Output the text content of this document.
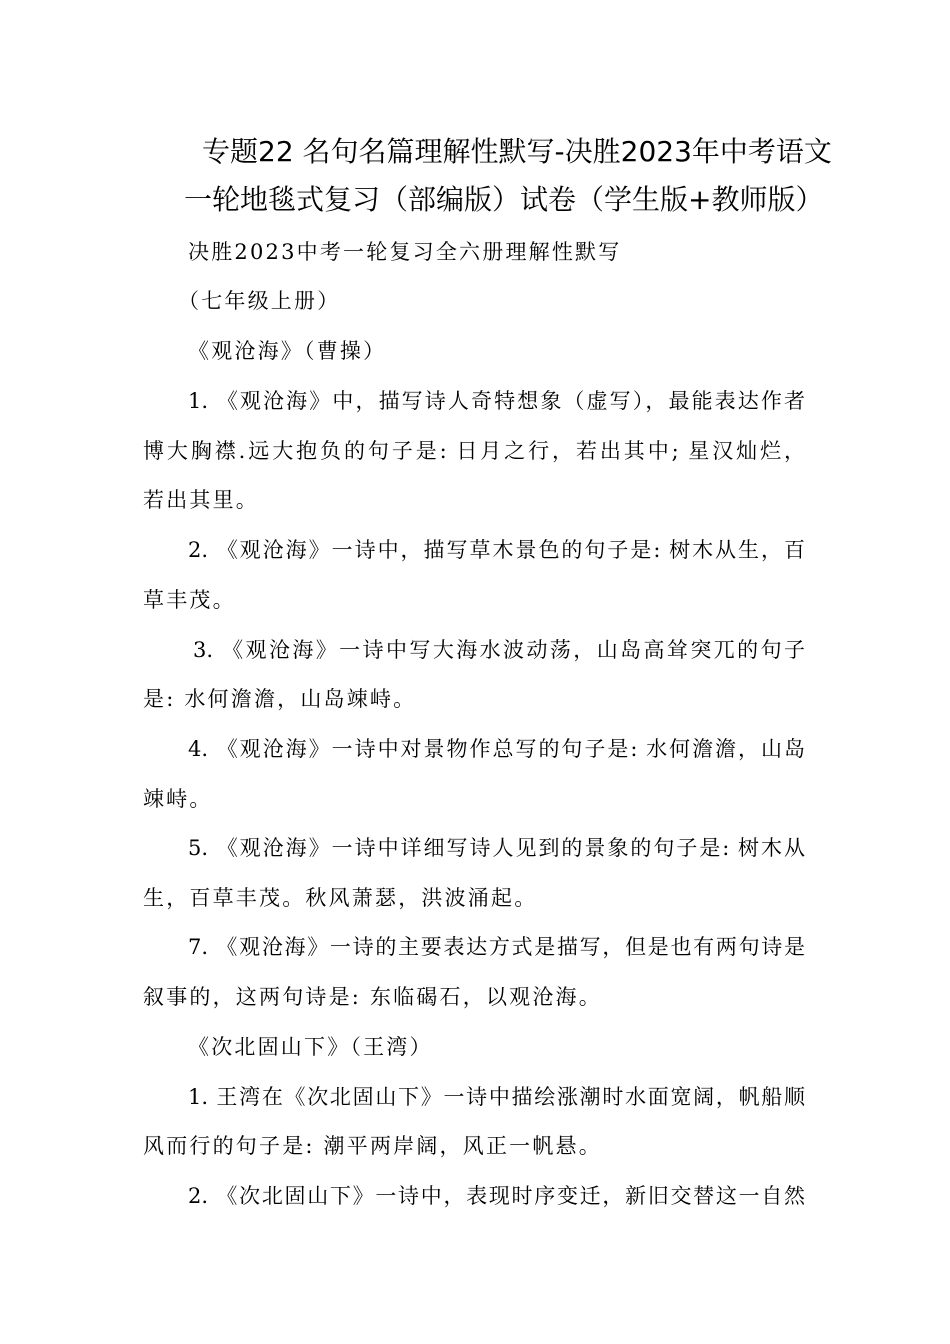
专题22 名句名篇理解性默写-决胜2023年中考语文
一轮地毯式复习（部编版）试卷（学生版+教师版）
决胜2023中考一轮复习全六册理解性默写
（七年级上册）
《观沧海》（曹操）
1. 《观沧海》中，描写诗人奇特想象（虚写），最能表达作者
博大胸襟.远大抱负的句子是: 日月之行，若出其中; 星汉灿烂，
若出其里。
2. 《观沧海》一诗中，描写草木景色的句子是: 树木从生，百
草丰茂。
3. 《观沧海》一诗中写大海水波动荡，山岛高耸突兀的句子
是: 水何澹澹，山岛竦峙。
4. 《观沧海》一诗中对景物作总写的句子是: 水何澹澹，山岛
竦峙。
5. 《观沧海》一诗中详细写诗人见到的景象的句子是: 树木从
生，百草丰茂。秋风萧瑟，洪波涌起。
7. 《观沧海》一诗的主要表达方式是描写，但是也有两句诗是
叙事的，这两句诗是: 东临碣石，以观沧海。
《次北固山下》（王湾）
1. 王湾在《次北固山下》一诗中描绘涨潮时水面宽阔，帆船顺
风而行的句子是: 潮平两岸阔，风正一帆悬。
2. 《次北固山下》一诗中，表现时序变迁，新旧交替这一自然
